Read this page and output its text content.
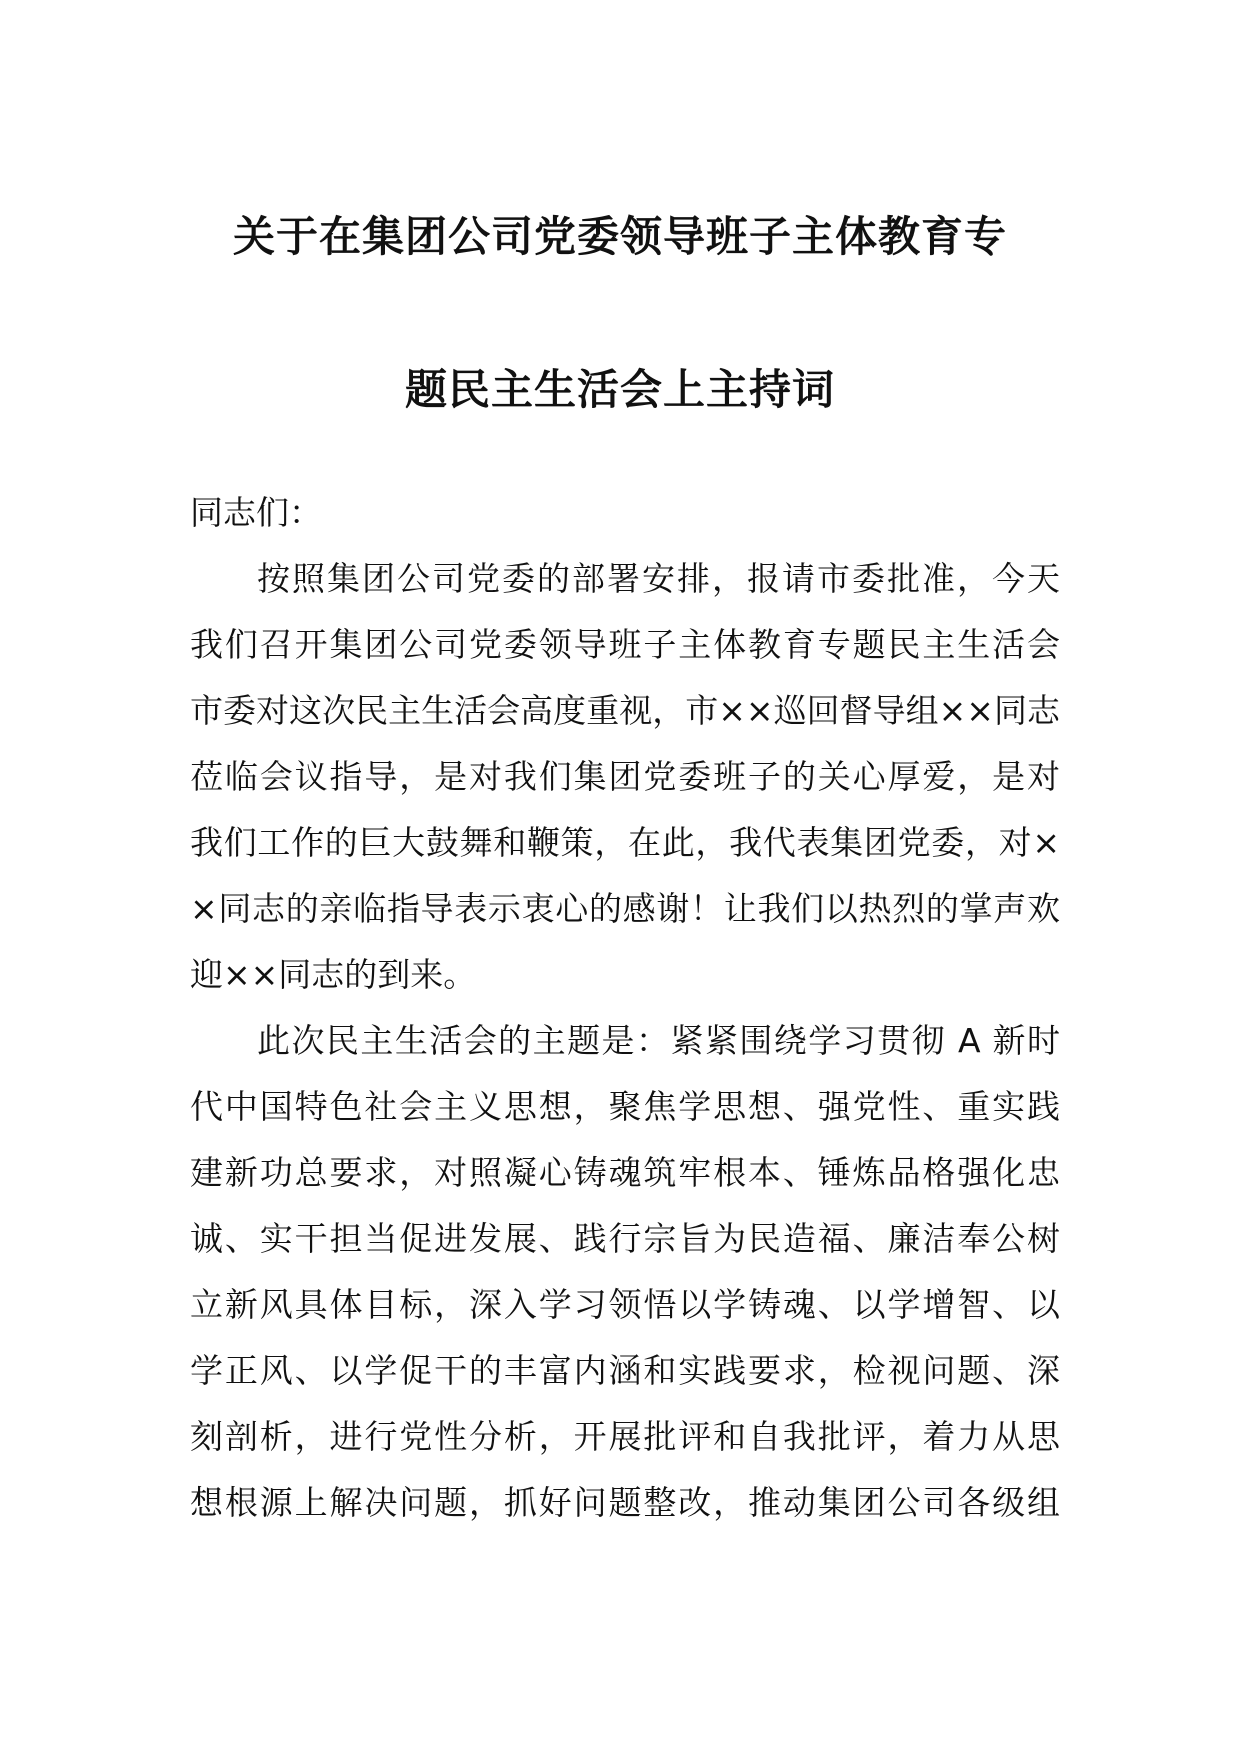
关于在集团公司党委领导班子主体教育专
题民主生活会上主持词
同志们：
按照集团公司党委的部署安排，报请市委批准，今天
我们召开集团公司党委领导班子主体教育专题民主生活会
市委对这次民主生活会高度重视，市××巡回督导组××同志
莅临会议指导，是对我们集团党委班子的关心厚爱，是对
我们工作的巨大鼓舞和鞭策，在此，我代表集团党委，对×
×同志的亲临指导表示衷心的感谢！让我们以热烈的掌声欢
迎××同志的到来。
此次民主生活会的主题是：紧紧围绕学习贯彻 A 新时
代中国特色社会主义思想，聚焦学思想、强党性、重实践
建新功总要求，对照凝心铸魂筑牢根本、锤炼品格强化忠
诚、实干担当促进发展、践行宗旨为民造福、廉洁奉公树
立新风具体目标，深入学习领悟以学铸魂、以学增智、以
学正风、以学促干的丰富内涵和实践要求，检视问题、深
刻剖析，进行党性分析，开展批评和自我批评，着力从思
想根源上解决问题，抓好问题整改，推动集团公司各级组
